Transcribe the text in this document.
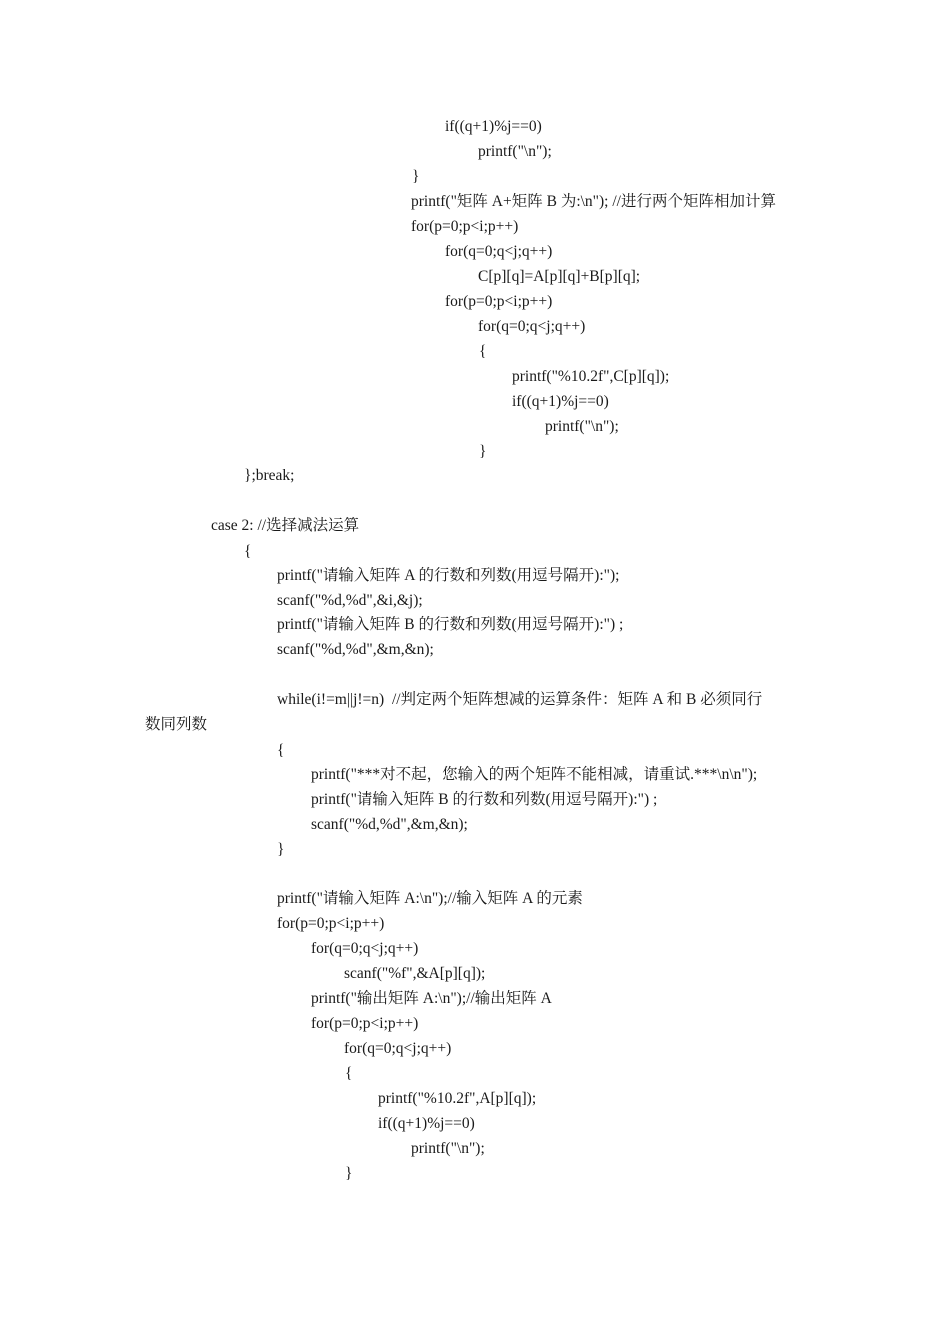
if((q+1)%j==0)
printf("\n");
}
printf("矩阵 A+矩阵 B 为:\n"); //进行两个矩阵相加计算
for(p=0;p<i;p++)
for(q=0;q<j;q++)
C[p][q]=A[p][q]+B[p][q];
for(p=0;p<i;p++)
for(q=0;q<j;q++)
{
printf("%10.2f",C[p][q]);
if((q+1)%j==0)
printf("\n");
}
};break;
case 2: //选择减法运算
{
printf("请输入矩阵 A 的行数和列数(用逗号隔开):");
scanf("%d,%d",&i,&j);
printf("请输入矩阵 B 的行数和列数(用逗号隔开):") ;
scanf("%d,%d",&m,&n);
while(i!=m||j!=n)  //判定两个矩阵想减的运算条件：矩阵 A 和 B 必须同行
数同列数
{
printf("***对不起，您输入的两个矩阵不能相减，请重试.***\n\n");
printf("请输入矩阵 B 的行数和列数(用逗号隔开):") ;
scanf("%d,%d",&m,&n);
}
printf("请输入矩阵 A:\n");//输入矩阵 A 的元素
for(p=0;p<i;p++)
for(q=0;q<j;q++)
scanf("%f",&A[p][q]);
printf("输出矩阵 A:\n");//输出矩阵 A
for(p=0;p<i;p++)
for(q=0;q<j;q++)
{
printf("%10.2f",A[p][q]);
if((q+1)%j==0)
printf("\n");
}
